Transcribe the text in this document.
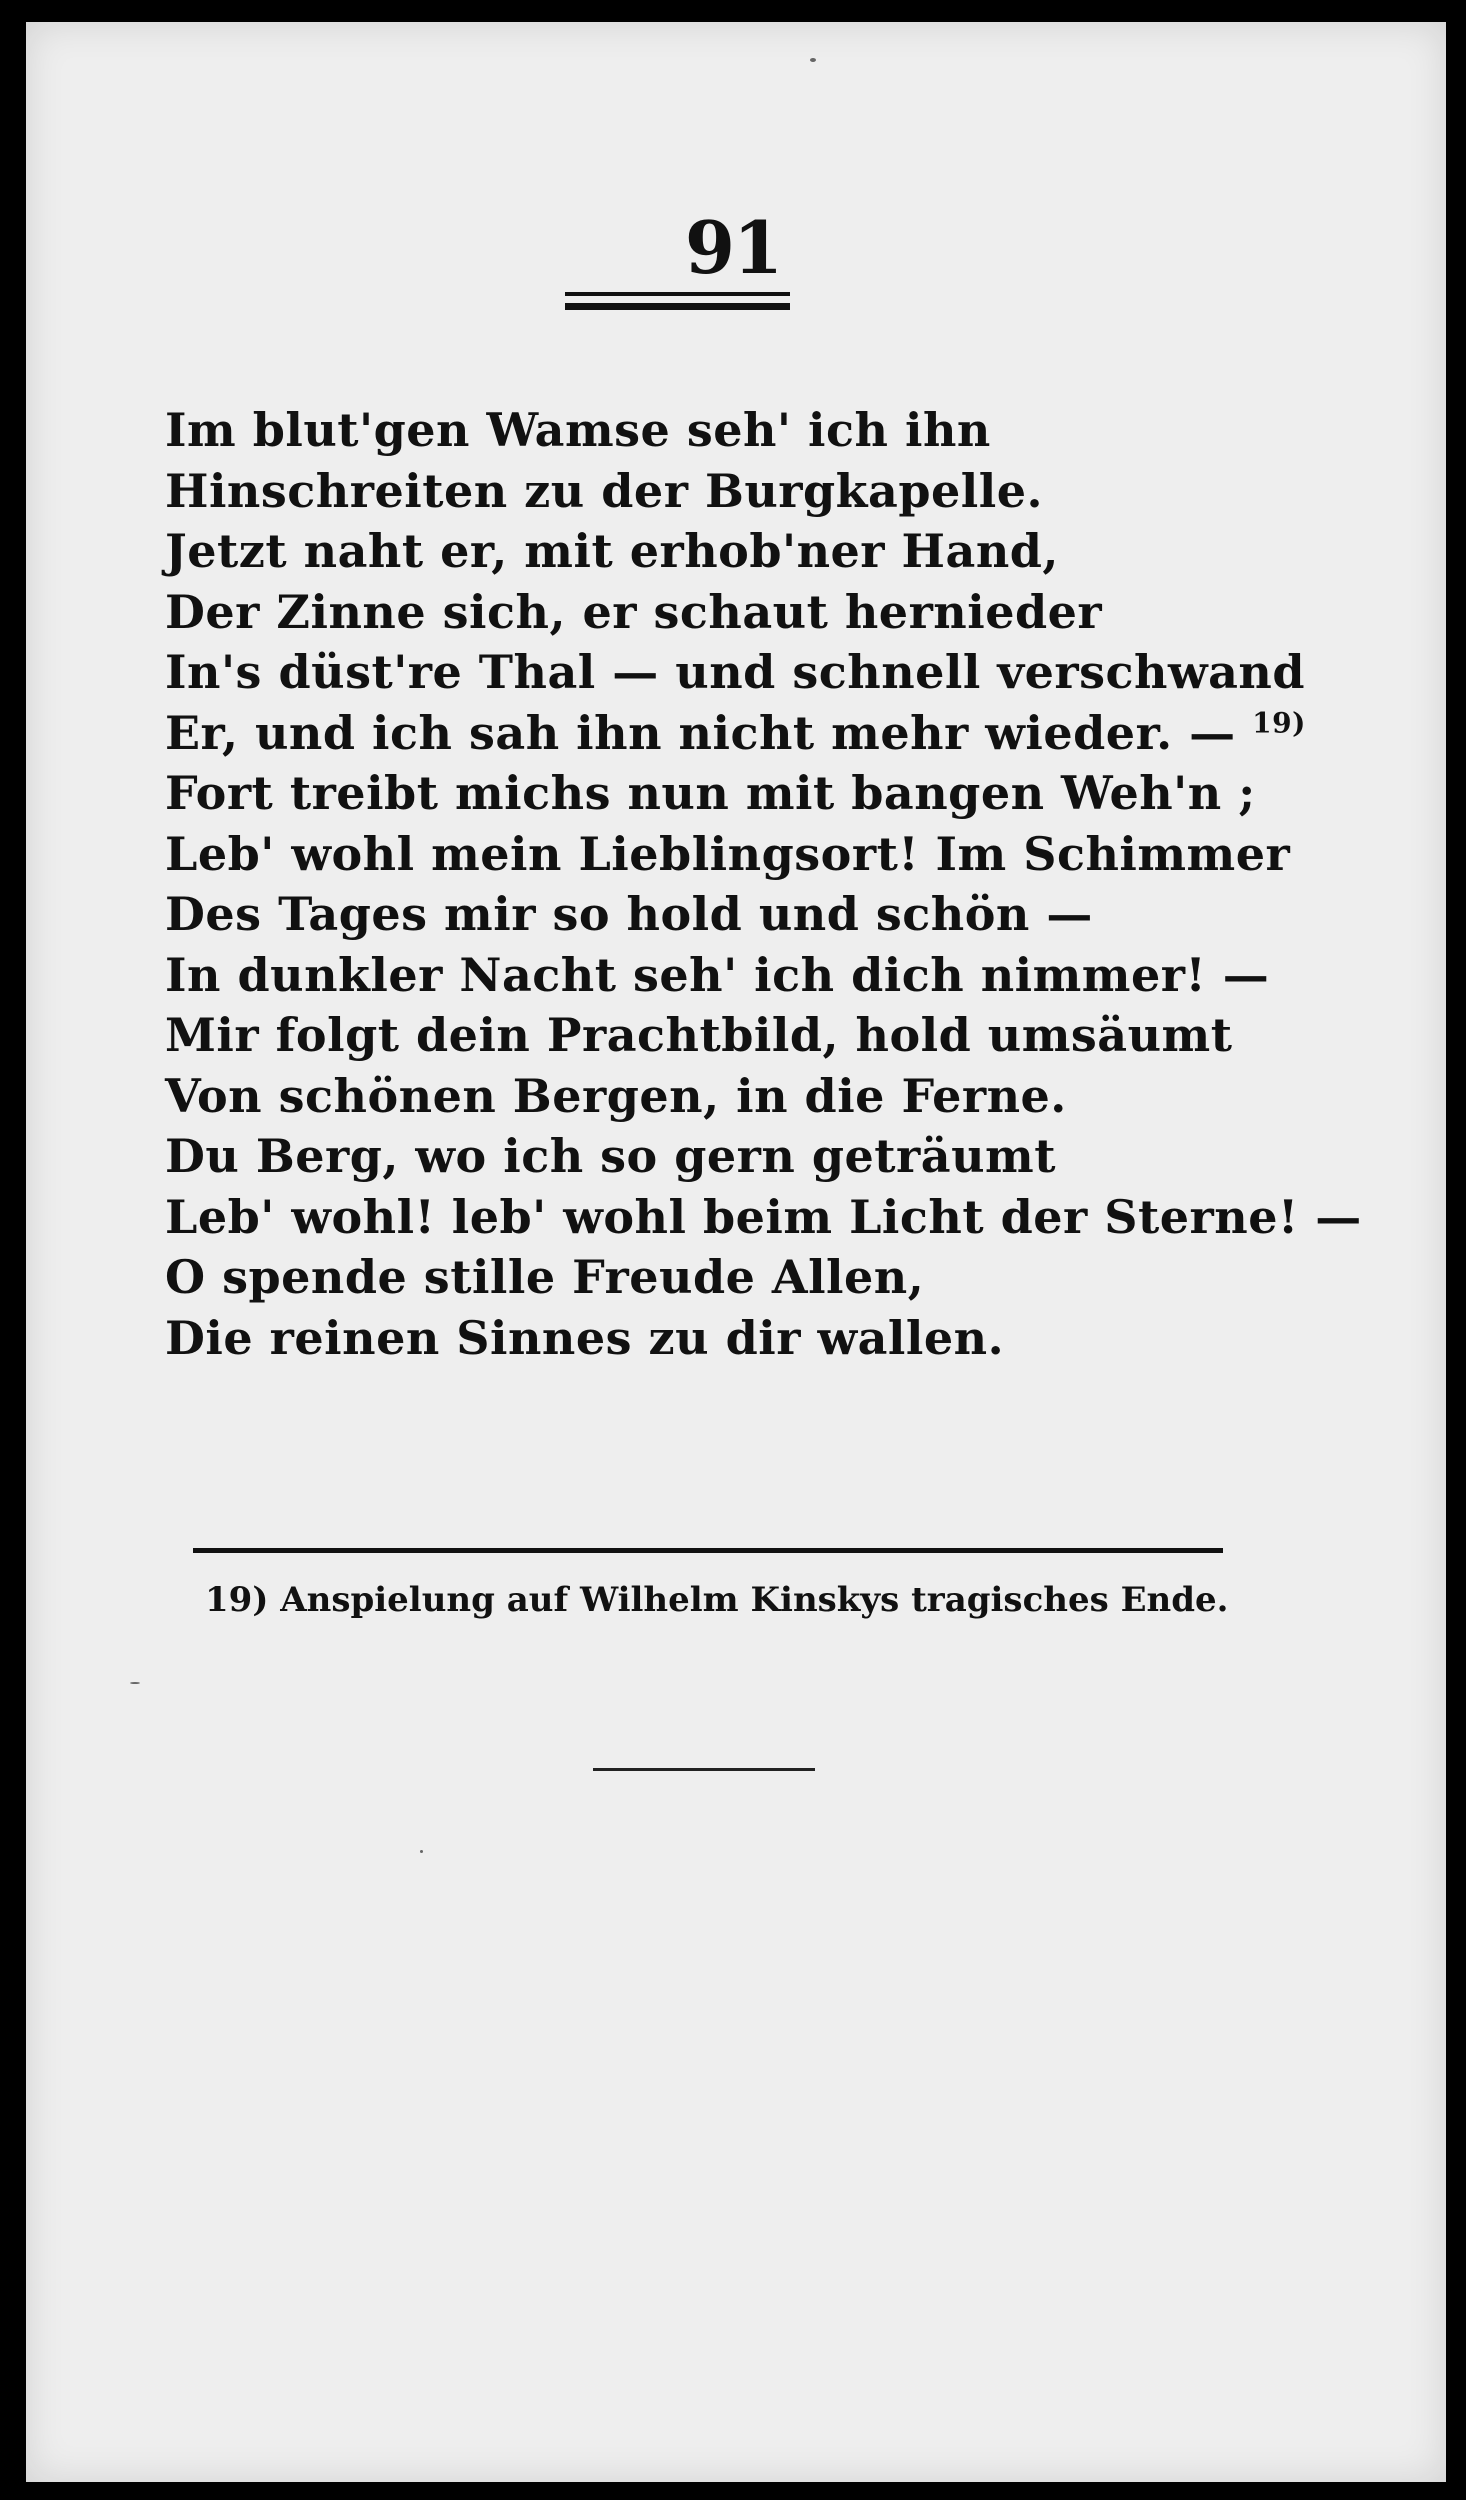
91
Im blut'gen Wamse seh' ich ihn
Hinschreiten zu der Burgkapelle.
Jetzt naht er, mit erhob'ner Hand,
Der Zinne sich, er schaut hernieder
In's düst're Thal — und schnell verschwand
Er, und ich sah ihn nicht mehr wieder. — $^{19)}$
Fort treibt michs nun mit bangen Weh'n ;
Leb' wohl mein Lieblingsort! Im Schimmer
Des Tages mir so hold und schön —
In dunkler Nacht seh' ich dich nimmer! —
Mir folgt dein Prachtbild, hold umsäumt
Von schönen Bergen, in die Ferne.
Du Berg, wo ich so gern geträumt
Leb' wohl! leb' wohl beim Licht der Sterne! —
O spende stille Freude Allen,
Die reinen Sinnes zu dir wallen.
19) Anspielung auf Wilhelm Kinskys tragisches Ende.
